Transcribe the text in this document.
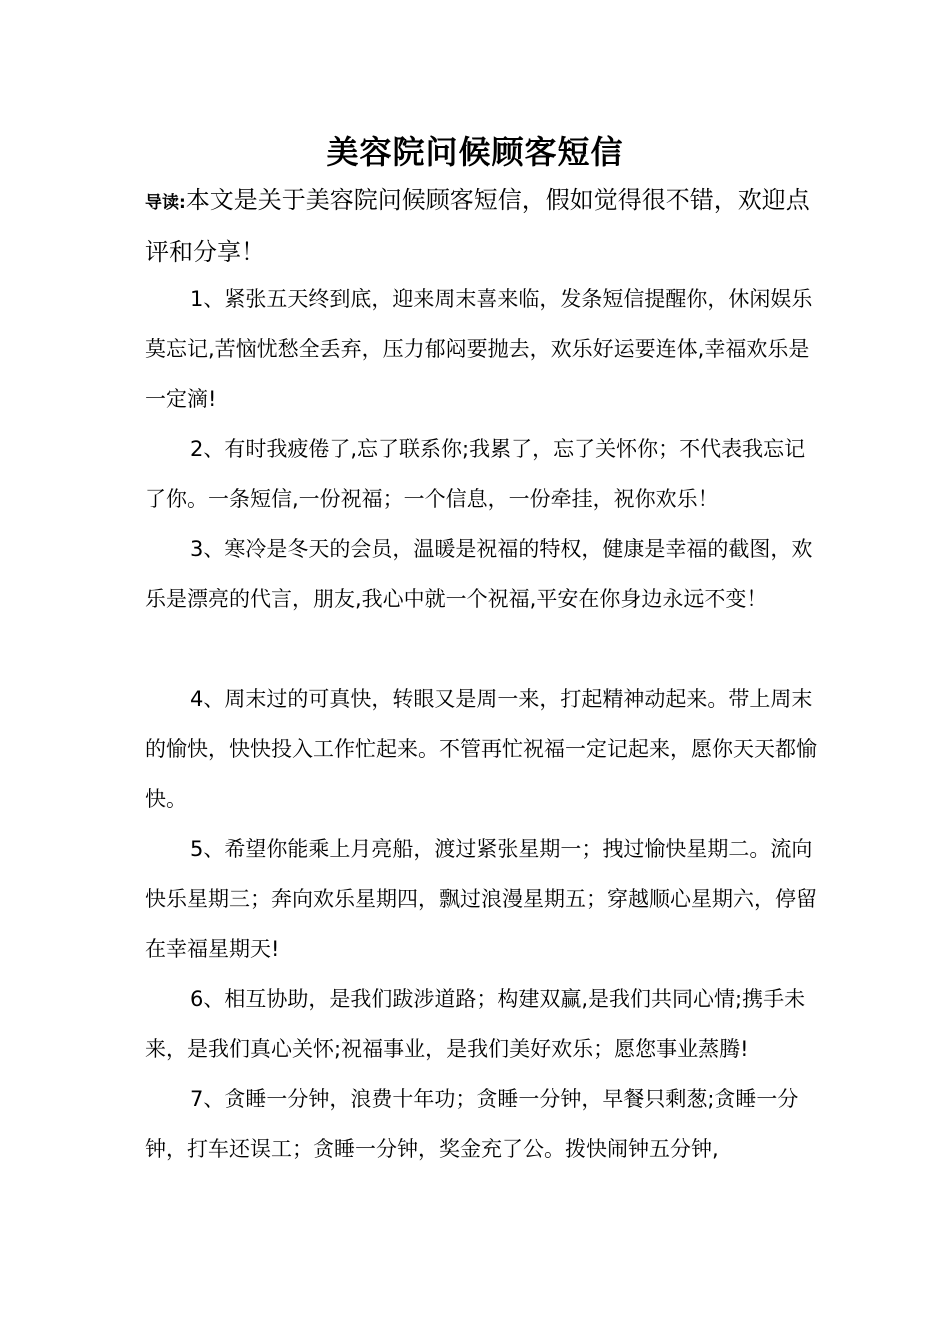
美容院问候顾客短信
导读:本文是关于美容院问候顾客短信，假如觉得很不错，欢迎点评和分享！

1、紧张五天终到底，迎来周末喜来临，发条短信提醒你，休闲娱乐莫忘记,苦恼忧愁全丢弃，压力郁闷要抛去，欢乐好运要连体,幸福欢乐是一定滴!

2、有时我疲倦了,忘了联系你;我累了，忘了关怀你；不代表我忘记了你。一条短信,一份祝福；一个信息，一份牵挂，祝你欢乐！

3、寒冷是冬天的会员，温暖是祝福的特权，健康是幸福的截图，欢乐是漂亮的代言，朋友,我心中就一个祝福,平安在你身边永远不变！

4、周末过的可真快，转眼又是周一来，打起精神动起来。带上周末的愉快，快快投入工作忙起来。不管再忙祝福一定记起来，愿你天天都愉快。

5、希望你能乘上月亮船，渡过紧张星期一；拽过愉快星期二。流向快乐星期三；奔向欢乐星期四，飘过浪漫星期五；穿越顺心星期六，停留在幸福星期天!

6、相互协助，是我们跋涉道路；构建双赢,是我们共同心情;携手未来，是我们真心关怀;祝福事业，是我们美好欢乐；愿您事业蒸腾!

7、贪睡一分钟，浪费十年功；贪睡一分钟，早餐只剩葱;贪睡一分钟，打车还误工；贪睡一分钟，奖金充了公。拨快闹钟五分钟,
